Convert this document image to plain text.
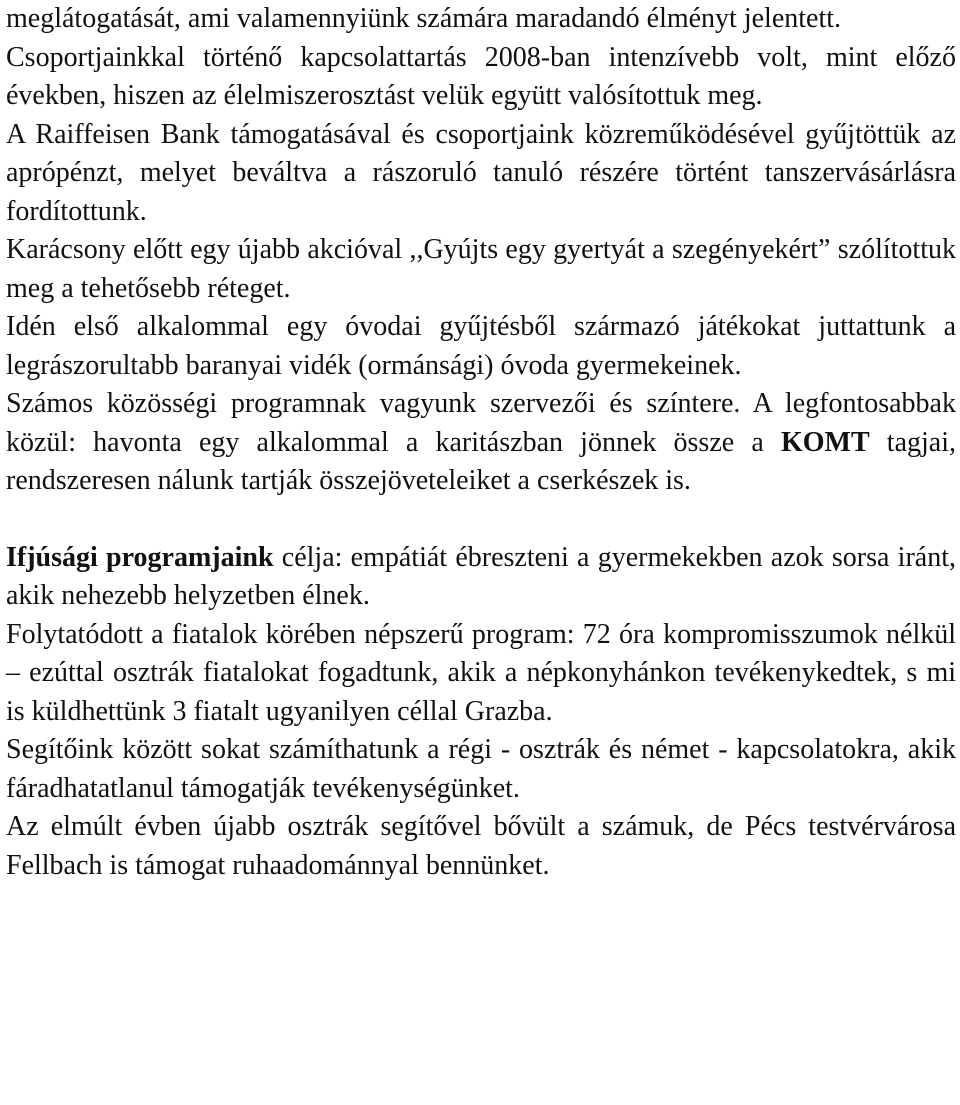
meglátogatását, ami valamennyiünk számára maradandó élményt jelentett.

Csoportjainkkal történő kapcsolattartás 2008-ban intenzívebb volt, mint előző években, hiszen az élelmiszerosztást velük együtt valósítottuk meg.

A Raiffeisen Bank támogatásával és csoportjaink közreműködésével gyűjtöttük az aprópénzt, melyet beváltva a rászoruló tanuló részére történt tanszervásárlásra fordítottunk.

Karácsony előtt egy újabb akcióval ,,Gyújts egy gyertyát a szegényekért” szólítottuk meg a tehetősebb réteget.

Idén első alkalommal egy óvodai gyűjtésből származó játékokat juttattunk a legrászorultabb baranyai vidék (ormánsági) óvoda gyermekeinek.

Számos közösségi programnak vagyunk szervezői és színtere. A legfontosabbak közül: havonta egy alkalommal a karitászban jönnek össze a KOMT tagjai, rendszeresen nálunk tartják összejöveteleiket a cserkészek is.

Ifjúsági programjaink célja: empátiát ébreszteni a gyermekekben azok sorsa iránt, akik nehezebb helyzetben élnek.

Folytatódott a fiatalok körében népszerű program: 72 óra kompromisszumok nélkül – ezúttal osztrák fiatalokat fogadtunk, akik a népkonyhánkon tevékenykedtek, s mi is küldhettünk 3 fiatalt ugyanilyen céllal Grazba.

Segítőink között sokat számíthatunk a régi - osztrák és német - kapcsolatokra, akik fáradhatatlanul támogatják tevékenységünket.

Az elmúlt évben újabb osztrák segítővel bővült a számuk, de Pécs testvérvárosa Fellbach is támogat ruhaadománnyal bennünket.
